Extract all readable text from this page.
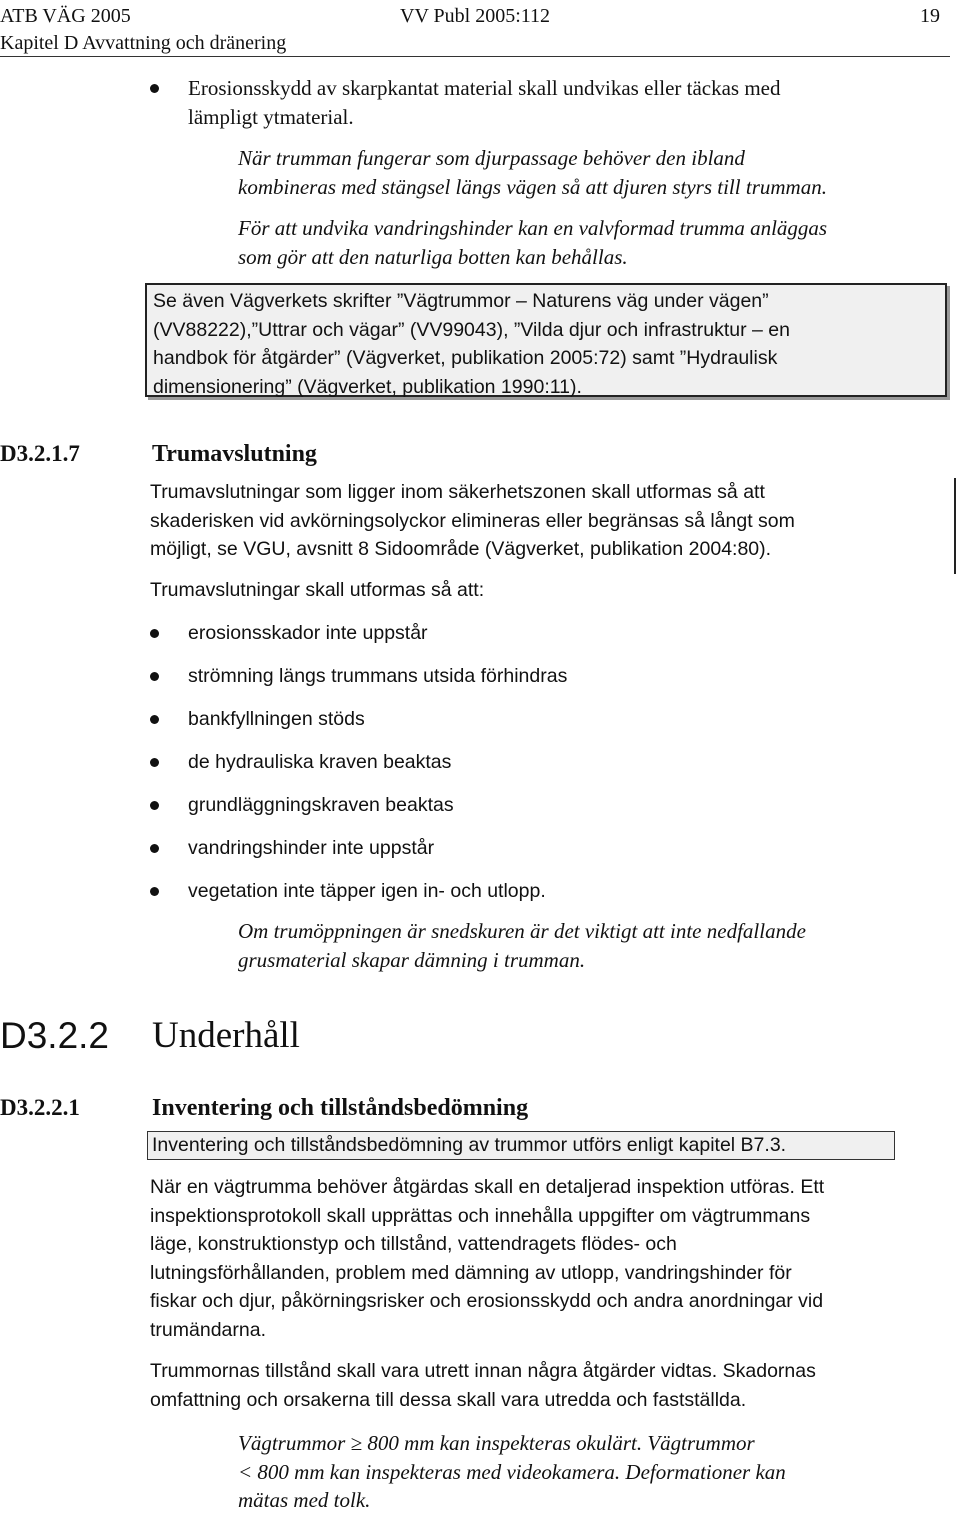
ATB VÄG 2005	VV Publ 2005:112	19
Kapitel D Avvattning och dränering
Erosionsskydd av skarpkantat material skall undvikas eller täckas med
lämpligt ytmaterial.
När trumman fungerar som djurpassage behöver den ibland
kombineras med stängsel längs vägen så att djuren styrs till trumman.
För att undvika vandringshinder kan en valvformad trumma anläggas
som gör att den naturliga botten kan behållas.
Se även Vägverkets skrifter ”Vägtrummor – Naturens väg under vägen”
(VV88222),”Uttrar och vägar” (VV99043), ”Vilda djur och infrastruktur – en
handbok för åtgärder” (Vägverket, publikation 2005:72) samt ”Hydraulisk
dimensionering” (Vägverket, publikation 1990:11).
D3.2.1.7	Trumavslutning
Trumavslutningar som ligger inom säkerhetszonen skall utformas så att
skaderisken vid avkörningsolyckor elimineras eller begränsas så långt som
möjligt, se VGU, avsnitt 8 Sidoområde (Vägverket, publikation 2004:80).
Trumavslutningar skall utformas så att:
erosionsskador inte uppstår
strömning längs trummans utsida förhindras
bankfyllningen stöds
de hydrauliska kraven beaktas
grundläggningskraven beaktas
vandringshinder inte uppstår
vegetation inte täpper igen in- och utlopp.
Om trumöppningen är snedskuren är det viktigt att inte nedfallande
grusmaterial skapar dämning i trumman.
D3.2.2 Underhåll
D3.2.2.1	Inventering och tillståndsbedömning
Inventering och tillståndsbedömning av trummor utförs enligt kapitel B7.3.
När en vägtrumma behöver åtgärdas skall en detaljerad inspektion utföras. Ett
inspektionsprotokoll skall upprättas och innehålla uppgifter om vägtrummans
läge, konstruktionstyp och tillstånd, vattendragets flödes- och
lutningsförhållanden, problem med dämning av utlopp, vandringshinder för
fiskar och djur, påkörningsrisker och erosionsskydd och andra anordningar vid
trumändarna.
Trummornas tillstånd skall vara utrett innan några åtgärder vidtas. Skadornas
omfattning och orsakerna till dessa skall vara utredda och fastställda.
Vägtrummor ≥ 800 mm kan inspekteras okulärt. Vägtrummor
< 800 mm kan inspekteras med videokamera. Deformationer kan
mätas med tolk.
